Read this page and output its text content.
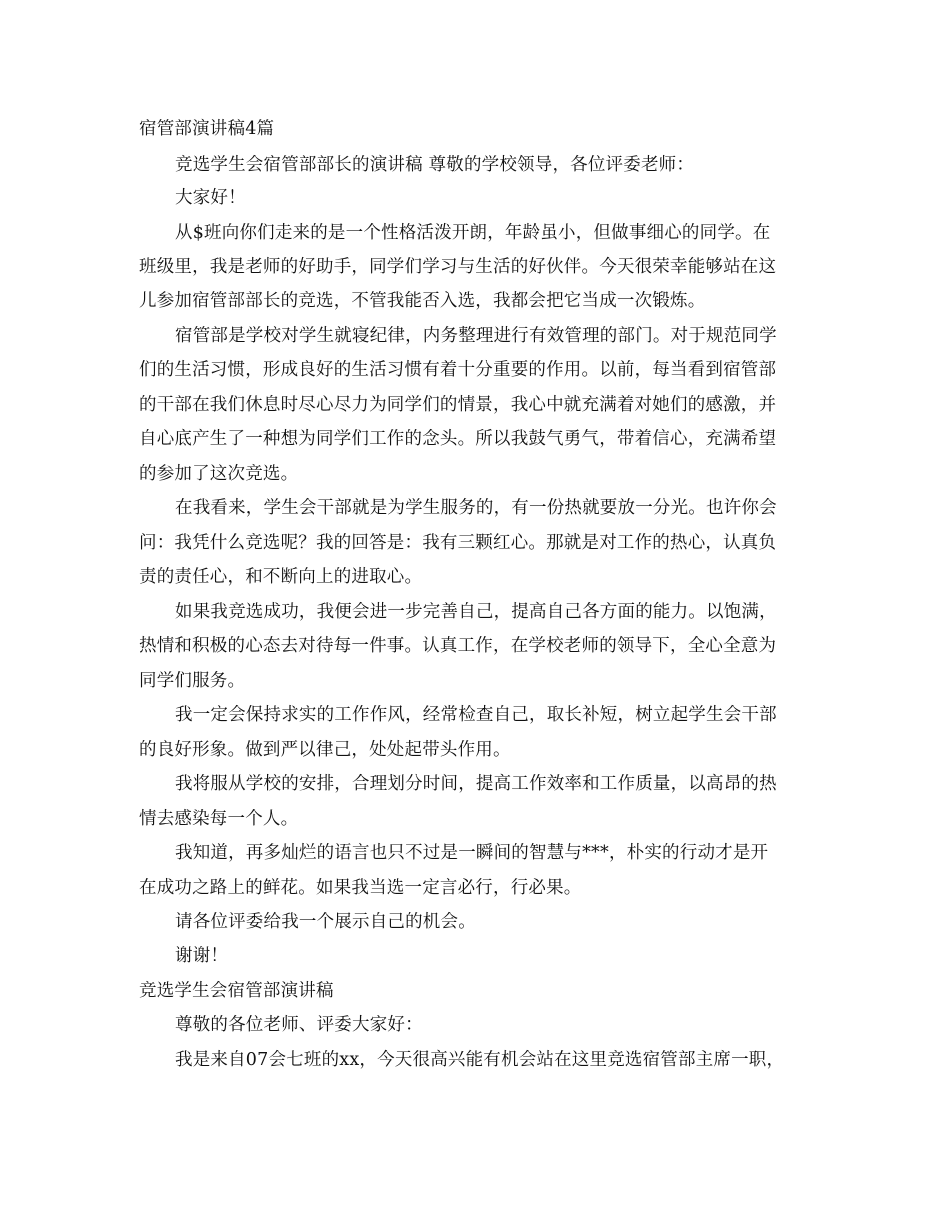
宿管部演讲稿4篇
竞选学生会宿管部部长的演讲稿 尊敬的学校领导，各位评委老师：
大家好！
从$班向你们走来的是一个性格活泼开朗，年龄虽小，但做事细心的同学。在
班级里，我是老师的好助手，同学们学习与生活的好伙伴。今天很荣幸能够站在这
儿参加宿管部部长的竞选，不管我能否入选，我都会把它当成一次锻炼。
宿管部是学校对学生就寝纪律，内务整理进行有效管理的部门。对于规范同学
们的生活习惯，形成良好的生活习惯有着十分重要的作用。以前，每当看到宿管部
的干部在我们休息时尽心尽力为同学们的情景，我心中就充满着对她们的感激，并
自心底产生了一种想为同学们工作的念头。所以我鼓气勇气，带着信心，充满希望
的参加了这次竞选。
在我看来，学生会干部就是为学生服务的，有一份热就要放一分光。也许你会
问：我凭什么竞选呢？我的回答是：我有三颗红心。那就是对工作的热心，认真负
责的责任心，和不断向上的进取心。
如果我竞选成功，我便会进一步完善自己，提高自己各方面的能力。以饱满，
热情和积极的心态去对待每一件事。认真工作，在学校老师的领导下，全心全意为
同学们服务。
我一定会保持求实的工作作风，经常检查自己，取长补短，树立起学生会干部
的良好形象。做到严以律己，处处起带头作用。
我将服从学校的安排，合理划分时间，提高工作效率和工作质量，以高昂的热
情去感染每一个人。
我知道，再多灿烂的语言也只不过是一瞬间的智慧与***，朴实的行动才是开
在成功之路上的鲜花。如果我当选一定言必行，行必果。
请各位评委给我一个展示自己的机会。
谢谢！
竞选学生会宿管部演讲稿
尊敬的各位老师、评委大家好：
我是来自07会七班的xx，今天很高兴能有机会站在这里竞选宿管部主席一职，
